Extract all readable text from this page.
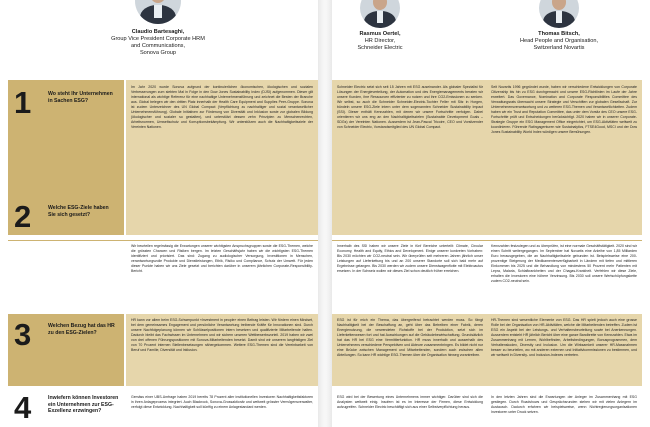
Claudio Bartesaghi,
Group Vice President Corporate HRM
and Communications,
Sonova Group
1	Wo steht Ihr Unternehmen in Sachen ESG?

Im Jahr 2020 wurde Sonova aufgrund der kontinuierlichen ökonomischen, ökologischen und sozialen Verbesserungen zum siebten Mal in Folge in den Dow Jones Sustainability Index (DJSI) aufgenommen. Dieser gilt international als wichtige Referenz für eine nachhaltige Unternehmensführung und zeichnet die Besten der Branche aus. Global belegen wir den dritten Platz innerhalb der Health Care Equipment and Supplies Peer-Gruppe. Sonova ist zudem Unterzeichner des UN Global Compact (Verpflichtung zu nachhaltiger und sozial verantwortlicher Unternehmensführung). Globale Initiativen zur Förderung von Diversität und Inklusion sowie zur globalen Bildung (ökologischer und sozialer so gestalten), und unterstützt dessen zehn Prinzipien zu Menschenrechten, Arbeitsnormen, Umweltschutz und Korruptionsbekämpfung. Wir unterstützen auch die Nachhaltigkeitsziele der Vereinten Nationen.

2	Welche ESG-Ziele haben Sie sich gesetzt?

Wir beurteilen regelmässig die Erwartungen unserer wichtigsten Anspruchsgruppen sowie die ESG-Themen, welche die grössten Chancen und Risiken bergen. Im letzten Geschäftsjahr haben wir die wichtigsten ESG-Themen identifiziert und priorisiert. Das sind: Zugang zu audiologischer Versorgung, Investitionen in Menschen, verantwortungsvolle Produkte und Dienstleistungen, Ethik, Risiko und Compliance, Schutz der Umwelt. Für jeden dieser Punkte haben wir uns Ziele gesetzt und berichten darüber in unserem jährlichen Corporate-Responsibility-Bericht.

3	Welchen Bezug hat das HR zu den ESG-Zielen?

HR kann vor allem beim ESG-Schwerpunkt «Investment in people» einen Beitrag leisten. Wir fördern einen Mindset, bei dem gemeinsames Engagement und persönliche Verantwortung treibende Kräfte für Innovationen sind. Durch unsere Nachfolgeplanung können wir Schlüsselpositionen intern besetzen und qualifizierte Mitarbeitende halten. Dadurch bleibt das Fachwissen im Unternehmen und wir sichern unseren Wettbewerbsvorteil. 2019 haben wir zwei von drei offenen Führungspositionen mit Sonova-Mitarbeitenden besetzt. Damit sind wir unserem langfristigen Ziel von 70 Prozent internen Stellenbesetzungen nähergekommen. Weitere ESG-Themen sind die Vereinbarkeit von Beruf und Familie, Diversität und Inklusion.

4	Inwiefern können Investoren ein Unternehmen zur ESG-Exzellenz erzwingen?

Gemäss einer UBS-Umfrage haben 2019 bereits 78 Prozent aller institutionellen Investoren Nachhaltigkeitsfaktoren in ihren Anlageprozess integriert. Auch Blackrock, Sonova-Grossaktionär und weltweit grösster Vermögensverwalter, verfolgt diese Entwicklung. Nachhaltigkeit soll künftig zu einem Anlagestandard werden.

Rasmus Oertel,
HR Director,
Schneider Electric
Thomas Bitsch,
Head People and Organisation,
Switzerland Novartis

Schneider Electric setzt sich seit 15 Jahren mit ESG auseinander. Als globaler Spezialist für Lösungen der Energieverteilung, der Automation und des Energiemanagements beraten wir unsere Kunden, ihre Ressourcen effizienter zu nutzen und ihre CO2-Emissionen zu senken. Wir selbst, so auch die Schneider Schneider-Electric-Tochter Feller mit Sitz in Horgen, bündeln unsere ESG-Ziele intern unter dem sogenannten Schneider Sustainability Impact (SSI). Dieser enthält Kennzahlen, mit denen wir unsere Fortschritte verfolgen. Dabei orientieren wir uns eng an den Nachhaltigkeitszielen (Sustainable Development Goals – SDGs) der Vereinten Nationen. Ausserdem ist Jean-Pascal Tricoire, CEO und Vorsitzender von Schneider Electric, Vorstandsmitglied des UN Global Compact.

Seit Novartis 1996 gegründet wurde, haben wir verschiedene Entwicklungen von Corporate Citizenship bis hin zu ESG durchgemacht und unsere ESG-Richtlinien im Laufe der Jahre erweitert. Das Governance, Nomination and Corporate Responsibilities Committee des Verwaltungsrats überwacht unsere Strategie und Verschiften zur globalen Gesellschaft. Zur Unternehmensverantwortung und zu weiteren ESG-Themen und Verantwortlichkeiten. Zudem haben wir ein Trust and Reputation Committee, das unter dem Vorsitz des CEO unsere ESG-Fortschritte prüft und Entscheidungen berücksichtigt. 2020 haben wir in unserer Corporate-Strategie Gruppe ein ESG Management Office eingerichtet, um ESG-Aktivitäten weltweit zu koordinieren. Führende Ratingagenturen wie Sustainalytics, FTSE4Good, MSCI und der Dow Jones Sustainability World Index würdigen unsere Bemühungen.

Innerhalb des SSI haben wir unsere Ziele in fünf Bereiche unterteilt: Climate, Circular Economy, Health and Equity, Ethics and Development. Einige unserer konkreten Vorhaben: Bis 2030 möchten wir CO2-neutral sein. Wir überprüfen seit mehreren Jahren jährlich unser Leistungen auf Lieferkettung bis und an 200 unserer Standorte soll sich bald mehr auf Ergebnisse gelangen. Bis 2030 werden wir zudem unsere Dienstwagenflotte mit Elektroautos ersetzen. In der Schweiz wollen wir dieses Ziel schon deutlich früher erreichen.

Kennzahlen festzulegen und zu überprüfen, ist eine normale Geschäftstätigkeit. 2020 sind wir einen Schritt weitergegangen. Im September hat Novartis eine Anleihe von 1,85 Milliarden Euro herausgegeben, die an Nachhaltigkeitsziele gebunden ist. Beispielsweise eine 200-prozentige Steigerung der Medikamentenverfügbarkeit in Ländern mit tiefen und mittleren Einkommen bis 2025 und die Behandlung von mindestens 50 Prozent mehr Patienten mit Lepra, Malaria, Schlafkrankheiten und der Chagas-Krankheit. Verfehlen wir diese Ziele, erhalten die Investoren eine höhere Verzinsung. Bis 2030 soll unsere Wertschöpfungskette zudem CO2-neutral sein.

ESG ist für mich ein Thema, das übergreifend betrachtet werden muss. So fängt Nachhaltigkeit bei der Beschaffung an, geht über das Betreiben einer Fabrik, deren Energienutzung, die verwendeten Rohstoffe bei der Produktion, setzt sich im Lieferkettenwesen fort und hat Auswirkungen auf die Gebäudebewirtschaftung. Grundsätzlich hat das HR bei ESG eine Vermittlerfunktion. HR muss innerhalb und ausserhalb des Unternehmens verschiedene Perspektiven und Akteure zusammenbringen. Es bildet nicht nur eine Brücke zwischen Management und Mitarbeitenden, sondern auch zwischen allen Abteilungen. So kann HR wichtige ESG-Themen über die Organisation hinweg vorantreiben.

HR-Themen sind wesentliche Elemente von ESG. Das HR spielt jedoch auch eine grosse Rolle bei der Organisation von HR-Aktivitäten, welche die Mitarbeitenden betreffen. Zudem ist ESG ein Aspekt bei der Leistungs- und Verhaltensbeurteilung sowie bei Anerkennungen. Ausserdem entsteht HR jährlich Bericht über eine ganze Bandbreite von Kennzahlen. Etwa im Zusammenhang mit Lernen, Wohlbefinden, Arbeitsbedingungen, Bonusprogrammen, dem Verhaltenskodex, Diversity und Inclusion. Um die Wirksamkeit unserer HR-Massnahmen besser zu beurteilen, wo mit anderen externen und Initiativkommissionen zu bestimmen, und wir weltweit in Diversity- und Inclusion-Indexes vertreten.

ESG wird bei der Bewertung eines Unternehmens immer wichtiger. Darüber sind sich die Analysten weltweit einig. Insofern ist es im Interesse der Firmen, diese Entwicklung aufzugreifen. Schneider Electric beschäftigt sich aus einer Selbstverpflichtung heraus.

In den letzten Jahren sind die Erwartungen der Anleger im Zusammenhang mit ESG gestiegen. Durch Roadshows und Gesprächsrunden stehen wir mit vielen Anlegern im Austausch. Dadurch erfahren wir beispielsweise, wenn Nichtregierungsorganisationen Investoren unter Druck setzen.
